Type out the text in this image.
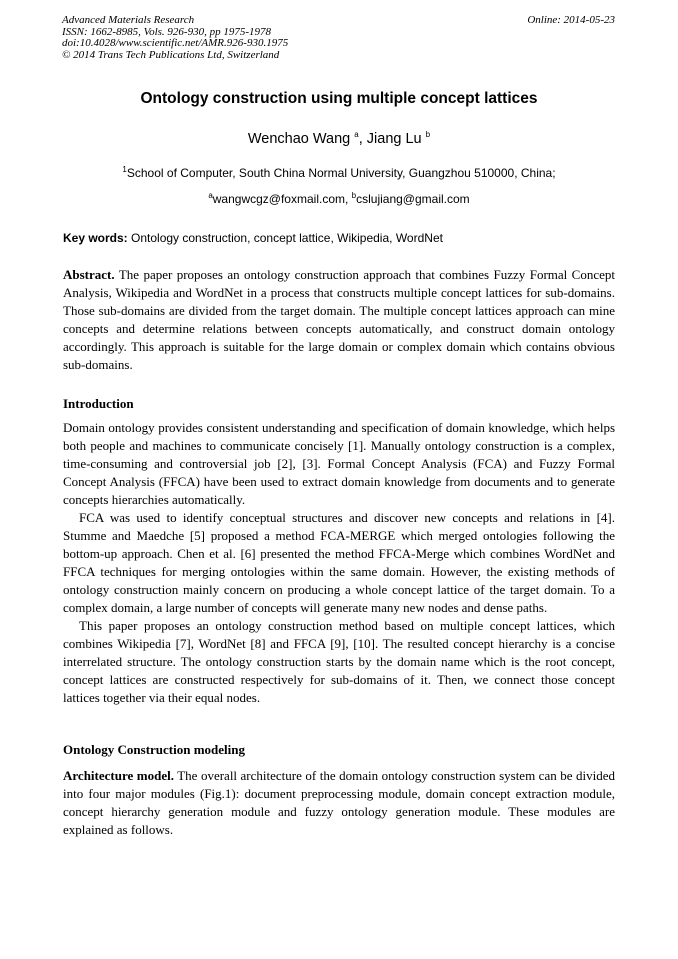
Advanced Materials Research
ISSN: 1662-8985, Vols. 926-930, pp 1975-1978
doi:10.4028/www.scientific.net/AMR.926-930.1975
© 2014 Trans Tech Publications Ltd, Switzerland
Online: 2014-05-23
Ontology construction using multiple concept lattices
Wenchao Wang $^a$, Jiang Lu $^b$
$^1$School of Computer, South China Normal University, Guangzhou 510000, China;
$^a$wangwcgz@foxmail.com, $^b$cslujiang@gmail.com
Key words: Ontology construction, concept lattice, Wikipedia, WordNet
Abstract. The paper proposes an ontology construction approach that combines Fuzzy Formal Concept Analysis, Wikipedia and WordNet in a process that constructs multiple concept lattices for sub-domains. Those sub-domains are divided from the target domain. The multiple concept lattices approach can mine concepts and determine relations between concepts automatically, and construct domain ontology accordingly. This approach is suitable for the large domain or complex domain which contains obvious sub-domains.
Introduction

Domain ontology provides consistent understanding and specification of domain knowledge, which helps both people and machines to communicate concisely [1]. Manually ontology construction is a complex, time-consuming and controversial job [2], [3]. Formal Concept Analysis (FCA) and Fuzzy Formal Concept Analysis (FFCA) have been used to extract domain knowledge from documents and to generate concepts hierarchies automatically.

FCA was used to identify conceptual structures and discover new concepts and relations in [4]. Stumme and Maedche [5] proposed a method FCA-MERGE which merged ontologies following the bottom-up approach. Chen et al. [6] presented the method FFCA-Merge which combines WordNet and FFCA techniques for merging ontologies within the same domain. However, the existing methods of ontology construction mainly concern on producing a whole concept lattice of the target domain. To a complex domain, a large number of concepts will generate many new nodes and dense paths.

This paper proposes an ontology construction method based on multiple concept lattices, which combines Wikipedia [7], WordNet [8] and FFCA [9], [10]. The resulted concept hierarchy is a concise interrelated structure. The ontology construction starts by the domain name which is the root concept, concept lattices are constructed respectively for sub-domains of it. Then, we connect those concept lattices together via their equal nodes.

Ontology Construction modeling
Architecture model. The overall architecture of the domain ontology construction system can be divided into four major modules (Fig.1): document preprocessing module, domain concept extraction module, concept hierarchy generation module and fuzzy ontology generation module. These modules are explained as follows.
